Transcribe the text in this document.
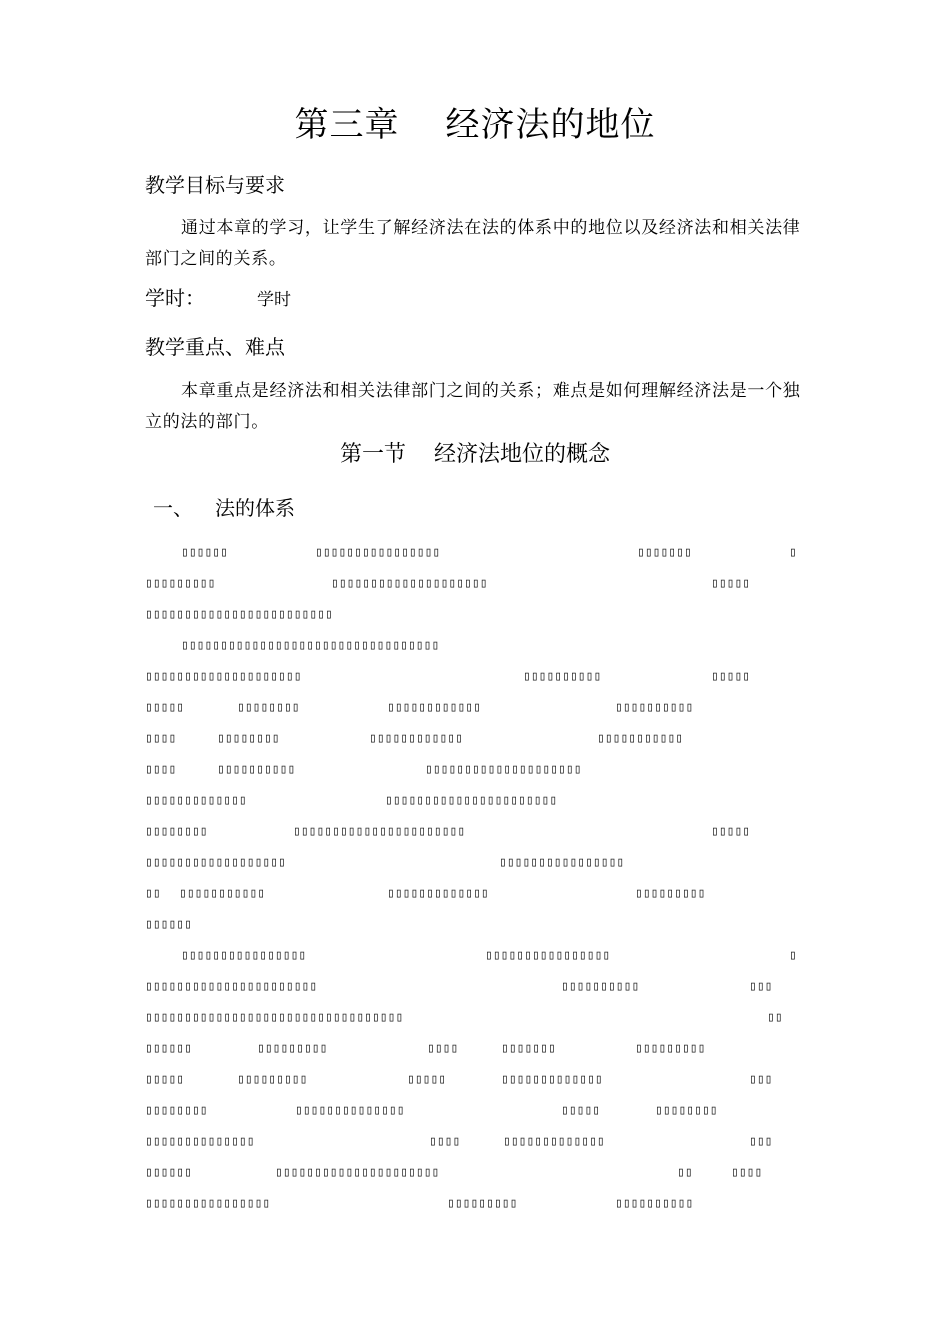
第三章 经济法的地位
教学目标与要求
通过本章的学习，让学生了解经济法在法的体系中的地位以及经济法和相关法律部门之间的关系。
学时：	学时
教学重点、难点
本章重点是经济法和相关法律部门之间的关系；难点是如何理解经济法是一个独立的法的部门。
第一节 经济法地位的概念
一、 法的体系
▯▯▯▯▯▯	▯▯▯▯▯▯▯▯▯▯▯▯▯▯▯▯	▯▯▯▯▯▯▯	▯
▯▯▯▯▯▯▯▯▯	▯▯▯▯▯▯▯▯▯▯▯▯▯▯▯▯▯▯▯▯	▯▯▯▯▯
▯▯▯▯▯▯▯▯▯▯▯▯▯▯▯▯▯▯▯▯▯▯▯▯
▯▯▯▯▯▯▯▯▯▯▯▯▯▯▯▯▯▯▯▯▯▯▯▯▯▯▯▯▯▯▯▯▯
▯▯▯▯▯▯▯▯▯▯▯▯▯▯▯▯▯▯▯▯	▯▯▯▯▯▯▯▯▯▯	▯▯▯▯▯
▯▯▯▯▯	▯▯▯▯▯▯▯▯	▯▯▯▯▯▯▯▯▯▯▯▯	▯▯▯▯▯▯▯▯▯▯
▯▯▯▯	▯▯▯▯▯▯▯▯	▯▯▯▯▯▯▯▯▯▯▯▯	▯▯▯▯▯▯▯▯▯▯▯
▯▯▯▯	▯▯▯▯▯▯▯▯▯▯	▯▯▯▯▯▯▯▯▯▯▯▯▯▯▯▯▯▯▯▯
▯▯▯▯▯▯▯▯▯▯▯▯▯	▯▯▯▯▯▯▯▯▯▯▯▯▯▯▯▯▯▯▯▯▯▯
▯▯▯▯▯▯▯▯	▯▯▯▯▯▯▯▯▯▯▯▯▯▯▯▯▯▯▯▯▯▯	▯▯▯▯▯
▯▯▯▯▯▯▯▯▯▯▯▯▯▯▯▯▯▯	▯▯▯▯▯▯▯▯▯▯▯▯▯▯▯▯
▯▯	▯▯▯▯▯▯▯▯▯▯▯	▯▯▯▯▯▯▯▯▯▯▯▯▯	▯▯▯▯▯▯▯▯▯
▯▯▯▯▯▯
▯▯▯▯▯▯▯▯▯▯▯▯▯▯▯▯	▯▯▯▯▯▯▯▯▯▯▯▯▯▯▯▯	▯
▯▯▯▯▯▯▯▯▯▯▯▯▯▯▯▯▯▯▯▯▯▯	▯▯▯▯▯▯▯▯▯▯	▯▯▯
▯▯▯▯▯▯▯▯▯▯▯▯▯▯▯▯▯▯▯▯▯▯▯▯▯▯▯▯▯▯▯▯▯	▯▯
▯▯▯▯▯▯	▯▯▯▯▯▯▯▯▯	▯▯▯▯	▯▯▯▯▯▯▯	▯▯▯▯▯▯▯▯▯
▯▯▯▯▯	▯▯▯▯▯▯▯▯▯	▯▯▯▯▯	▯▯▯▯▯▯▯▯▯▯▯▯▯	▯▯▯
▯▯▯▯▯▯▯▯	▯▯▯▯▯▯▯▯▯▯▯▯▯▯	▯▯▯▯▯	▯▯▯▯▯▯▯▯
▯▯▯▯▯▯▯▯▯▯▯▯▯▯	▯▯▯▯	▯▯▯▯▯▯▯▯▯▯▯▯▯	▯▯▯
▯▯▯▯▯▯	▯▯▯▯▯▯▯▯▯▯▯▯▯▯▯▯▯▯▯▯▯	▯▯	▯▯▯▯
▯▯▯▯▯▯▯▯▯▯▯▯▯▯▯▯	▯▯▯▯▯▯▯▯▯	▯▯▯▯▯▯▯▯▯▯
